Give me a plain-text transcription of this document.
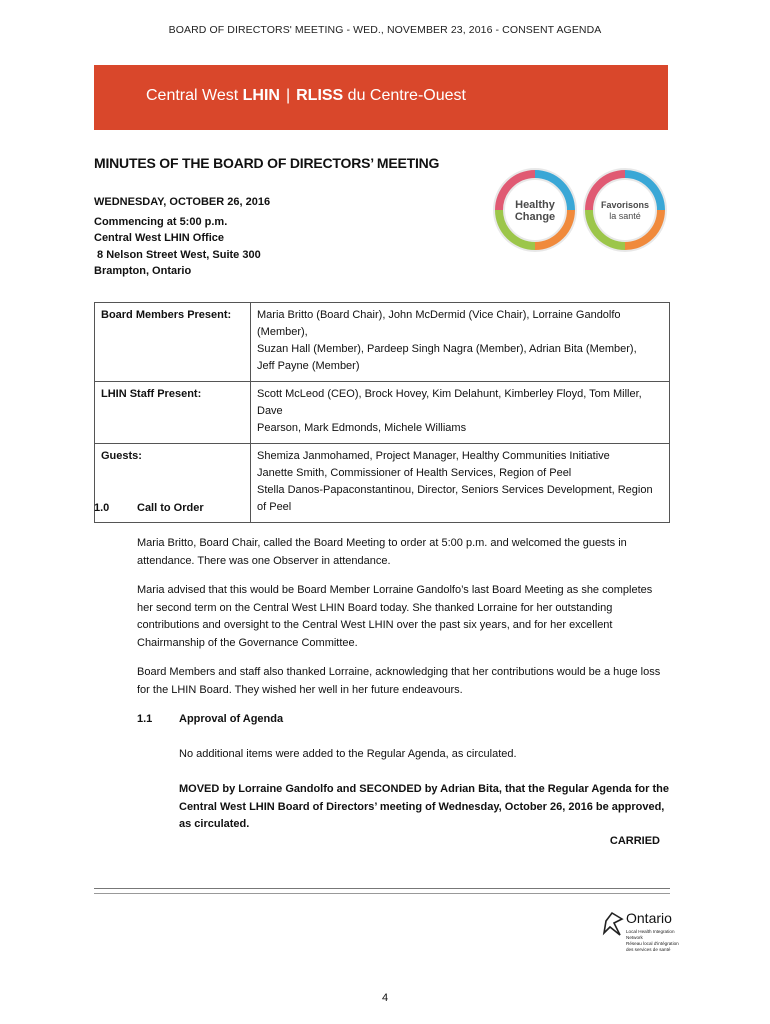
BOARD OF DIRECTORS' MEETING - WED., NOVEMBER 23, 2016 - CONSENT AGENDA
Central West LHIN | RLISS du Centre-Ouest
MINUTES OF THE BOARD OF DIRECTORS’ MEETING
WEDNESDAY, OCTOBER 26, 2016
Commencing at 5:00 p.m.
Central West LHIN Office
8 Nelson Street West, Suite 300
Brampton, Ontario
Healthy
Change
Favorisons
la santé
Board Members Present:	Maria Britto (Board Chair), John McDermid (Vice Chair), Lorraine Gandolfo (Member),
Suzan Hall (Member), Pardeep Singh Nagra (Member), Adrian Bita (Member),
Jeff Payne (Member)

LHIN Staff Present:	Scott McLeod (CEO), Brock Hovey, Kim Delahunt, Kimberley Floyd, Tom Miller, Dave
Pearson, Mark Edmonds, Michele Williams

Guests:	Shemiza Janmohamed, Project Manager, Healthy Communities Initiative
Janette Smith, Commissioner of Health Services, Region of Peel
Stella Danos-Papaconstantinou, Director, Seniors Services Development, Region of Peel
1.0	Call to Order
Maria Britto, Board Chair, called the Board Meeting to order at 5:00 p.m. and welcomed the guests in attendance. There was one Observer in attendance.
Maria advised that this would be Board Member Lorraine Gandolfo’s last Board Meeting as she completes her second term on the Central West LHIN Board today. She thanked Lorraine for her outstanding contributions and oversight to the Central West LHIN over the past six years, and for her excellent Chairmanship of the Governance Committee.
Board Members and staff also thanked Lorraine, acknowledging that her contributions would be a huge loss for the LHIN Board. They wished her well in her future endeavours.
1.1 Approval of Agenda
No additional items were added to the Regular Agenda, as circulated.
MOVED by Lorraine Gandolfo and SECONDED by Adrian Bita, that the Regular Agenda for the Central West LHIN Board of Directors’ meeting of Wednesday, October 26, 2016 be approved, as circulated.
CARRIED
Ontario
Local Health Integration
Network
Réseau local d'intégration
des services de santé
4
